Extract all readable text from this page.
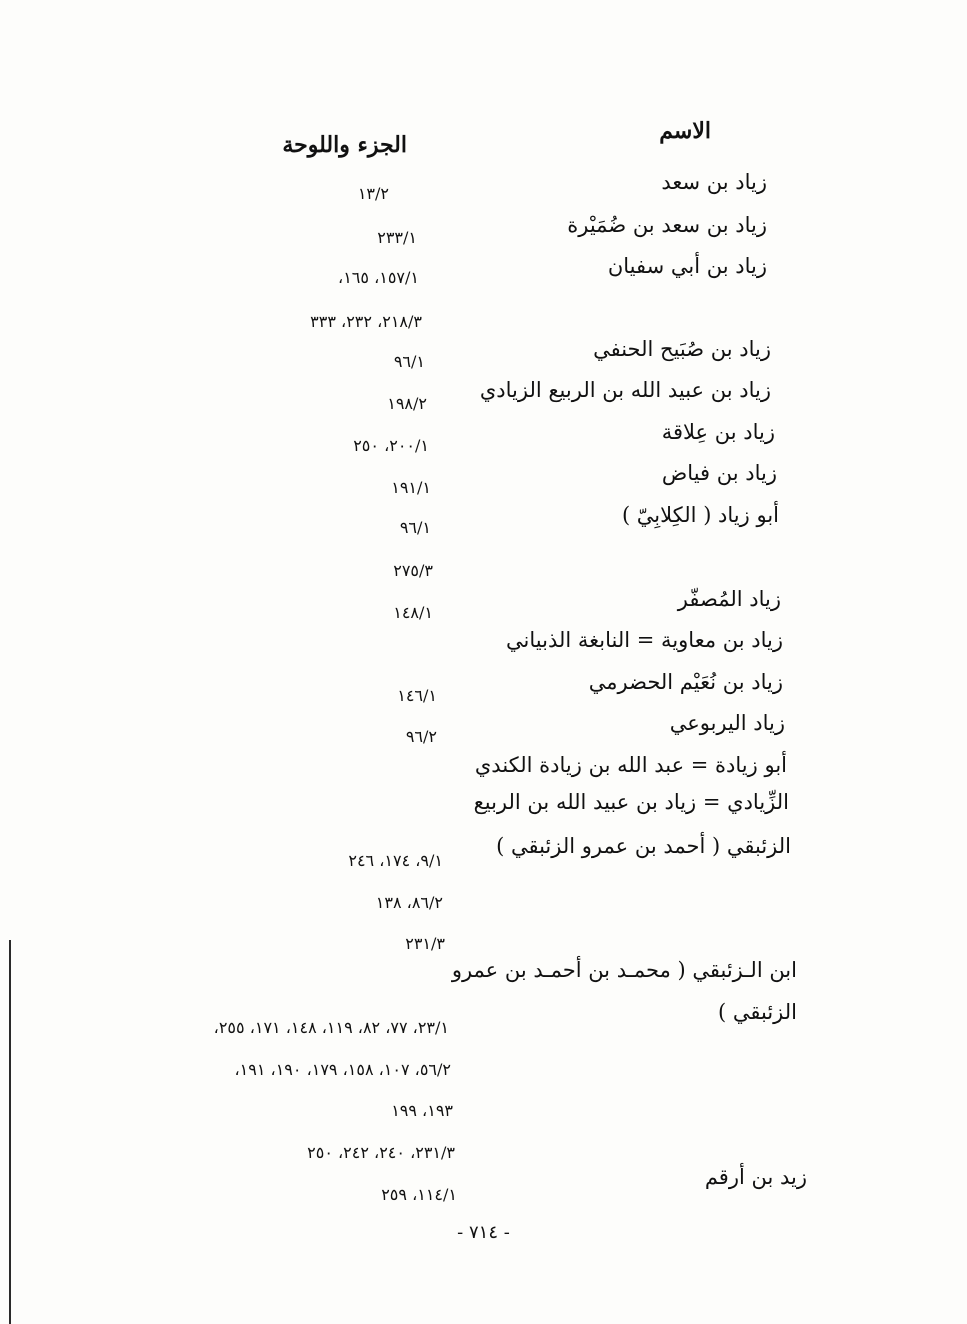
الاسم
الجزء واللوحة
زياد بن سعد
زياد بن سعد بن ضُمَيْرة
زياد بن أبي سفيان
زياد بن صُبَيح الحنفي
زياد بن عبيد الله بن الربيع الزيادي
زياد بن عِلاقة
زياد بن فياض
أبو زياد ( الكِلابِيّ )
زياد المُصفّر
زياد بن معاوية = النابغة الذبياني
زياد بن نُعَيْم الحضرمي
زياد اليربوعي
أبو زيادة = عبد الله بن زيادة الكندي
الزِّيادي = زياد بن عبيد الله بن الربيع
الزئبقي ( أحمد بن عمرو الزئبقي )
ابن الـزئبقي ( محمـد بن أحمـد بن عمرو
الزئبقي )
زيد بن أرقم
١٣/٢
٢٣٣/١
١٥٧/١، ١٦٥،
٢١٨/٣، ٢٣٢، ٣٣٣
٩٦/١
١٩٨/٢
٢٠٠/١، ٢٥٠
١٩١/١
٩٦/١
٢٧٥/٣
١٤٨/١
١٤٦/١
٩٦/٢
٩/١، ١٧٤، ٢٤٦
٨٦/٢، ١٣٨
٢٣١/٣
٢٣/١، ٧٧، ٨٢، ١١٩، ١٤٨، ١٧١، ٢٥٥،
٥٦/٢، ١٠٧، ١٥٨، ١٧٩، ١٩٠، ١٩١،
١٩٣، ١٩٩
٢٣١/٣، ٢٤٠، ٢٤٢، ٢٥٠
١١٤/١، ٢٥٩
- ٧١٤ -
